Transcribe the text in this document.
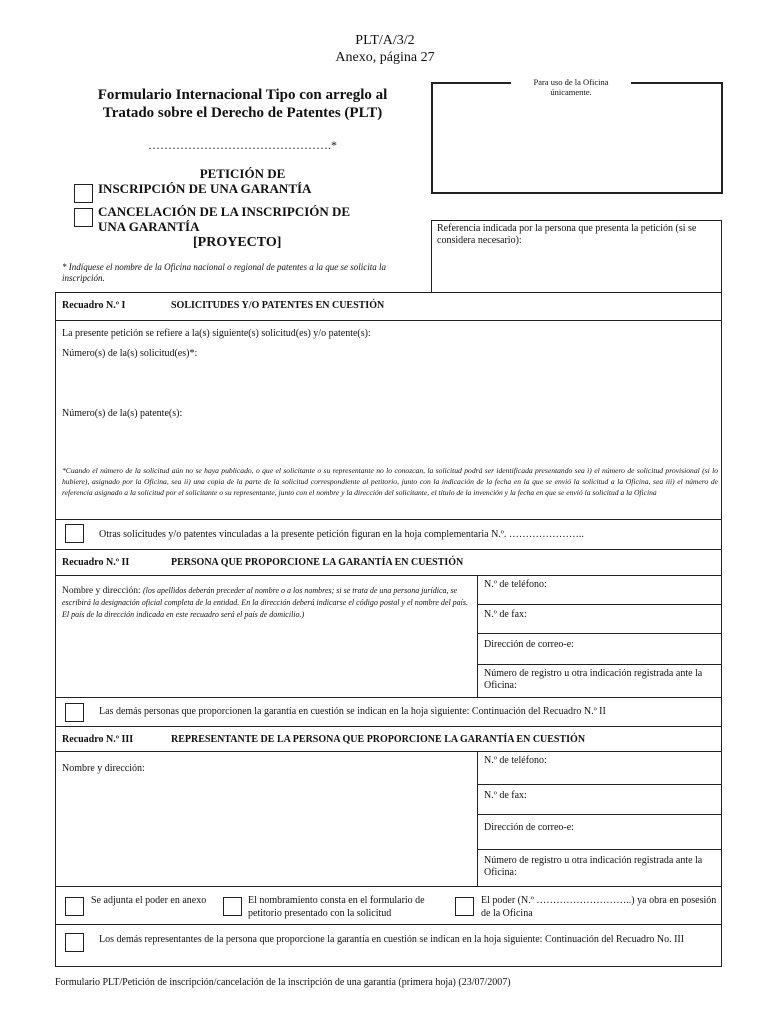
PLT/A/3/2
Anexo, página 27
Formulario Internacional Tipo con arreglo al
Tratado sobre el Derecho de Patentes (PLT)
……………………………………….*
PETICIÓN DE
INSCRIPCIÓN DE UNA GARANTÍA
CANCELACIÓN DE LA INSCRIPCIÓN DE
UNA GARANTÍA
[PROYECTO]
* Indíquese el nombre de la Oficina nacional o regional de patentes a la que se solicita la inscripción.
Para uso de la Oficina
únicamente.
Referencia indicada por la persona que presenta la petición (si se considera necesario):
Recuadro N.º I	SOLICITUDES Y/O PATENTES EN CUESTIÓN
La presente petición se refiere a la(s) siguiente(s) solicitud(es) y/o patente(s):
Número(s) de la(s) solicitud(es)*:
Número(s) de la(s) patente(s):
*Cuando el número de la solicitud aún no se haya publicado, o que el solicitante o su representante no lo conozcan, la solicitud podrá ser identificada presentando sea i) el número de solicitud provisional (si lo hubiere), asignado por la Oficina, sea ii) una copia de la parte de la solicitud correspondiente al petitorio, junto con la indicación de la fecha en la que se envió la solicitud a la Oficina, sea iii) el número de referencia asignado a la solicitud por el solicitante o su representante, junto con el nombre y la dirección del solicitante, el título de la invención y la fecha en que se envió la solicitud a la Oficina
Otras solicitudes y/o patentes vinculadas a la presente petición figuran en la hoja complementaria N.º. …………………..
Recuadro N.º II	PERSONA QUE PROPORCIONE LA GARANTÍA EN CUESTIÓN
Nombre y dirección: (los apellidos deberán preceder al nombre o a los nombres; si se trata de una persona jurídica, se escribirá la designación oficial completa de la entidad. En la dirección deberá indicarse el código postal y el nombre del país. El país de la dirección indicada en este recuadro será el país de domicilio.)
N.º de teléfono:
N.º de fax:
Dirección de correo-e:
Número de registro u otra indicación registrada ante la Oficina:
Las demás personas que proporcionen la garantía en cuestión se indican en la hoja siguiente: Continuación del Recuadro N.º II
Recuadro N.º III	REPRESENTANTE DE LA PERSONA QUE PROPORCIONE LA GARANTÍA EN CUESTIÓN
Nombre y dirección:
N.º de teléfono:
N.º de fax:
Dirección de correo-e:
Número de registro u otra indicación registrada ante la Oficina:
Se adjunta el poder en anexo	El nombramiento consta en el formulario de petitorio presentado con la solicitud
El poder (N.º ………………………..) ya obra en posesión de la Oficina
Los demás representantes de la persona que proporcione la garantía en cuestión se indican en la hoja siguiente: Continuación del Recuadro No. III
Formulario PLT/Petición de inscripción/cancelación de la inscripción de una garantía (primera hoja) (23/07/2007)
